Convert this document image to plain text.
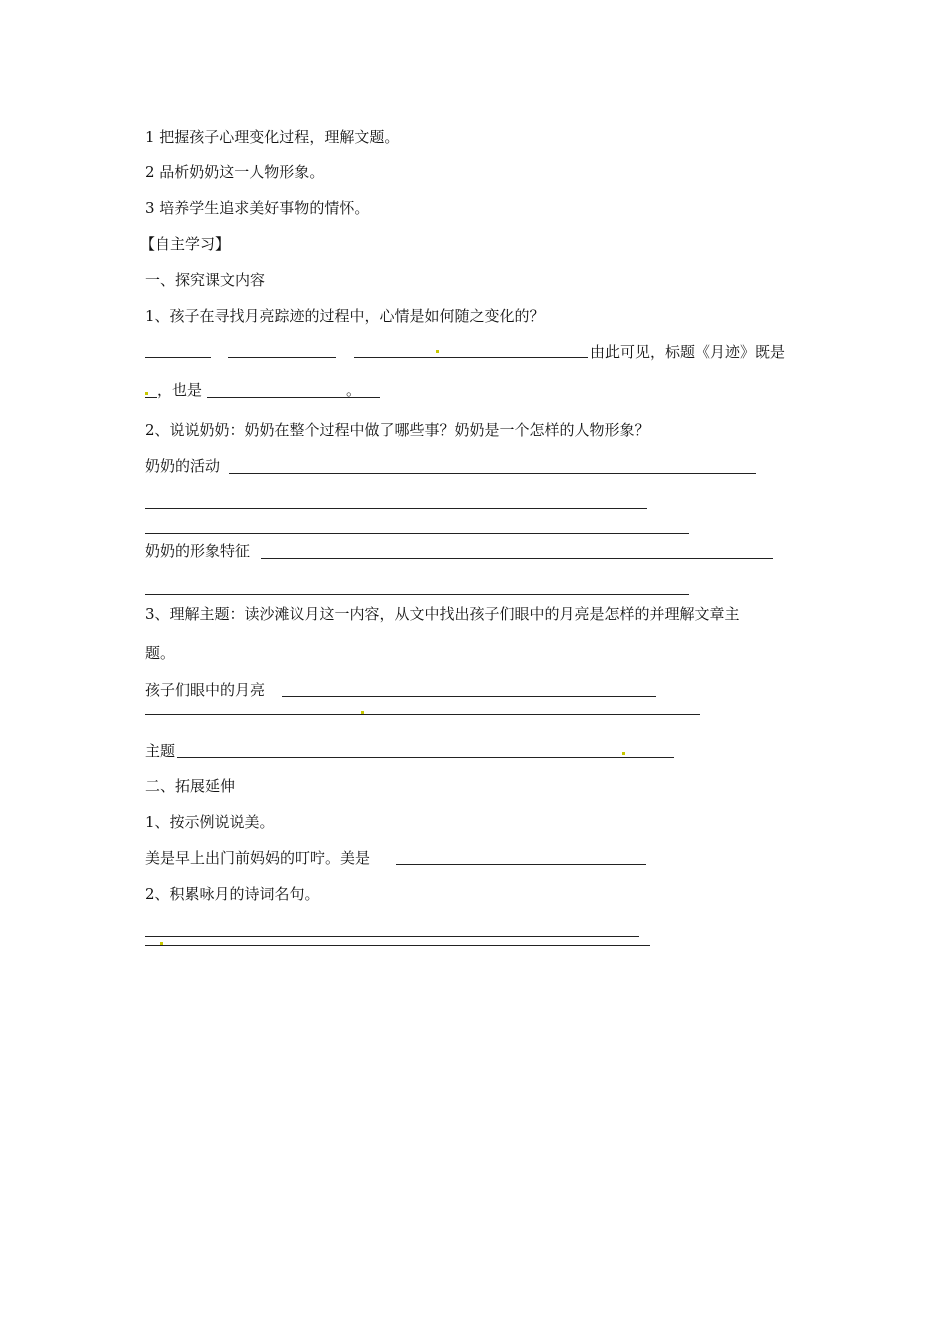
1 把握孩子心理变化过程，理解文题。
2 品析奶奶这一人物形象。
3 培养学生追求美好事物的情怀。
【自主学习】
一、探究课文内容
1、孩子在寻找月亮踪迹的过程中，心情是如何随之变化的？
由此可见，标题《月迹》既是
，也是	。
2、说说奶奶：奶奶在整个过程中做了哪些事？奶奶是一个怎样的人物形象？
奶奶的活动
奶奶的形象特征
3、理解主题：读沙滩议月这一内容，从文中找出孩子们眼中的月亮是怎样的并理解文章主
题。
孩子们眼中的月亮
主题
二、拓展延伸
1、按示例说说美。
美是早上出门前妈妈的叮咛。美是
2、积累咏月的诗词名句。
